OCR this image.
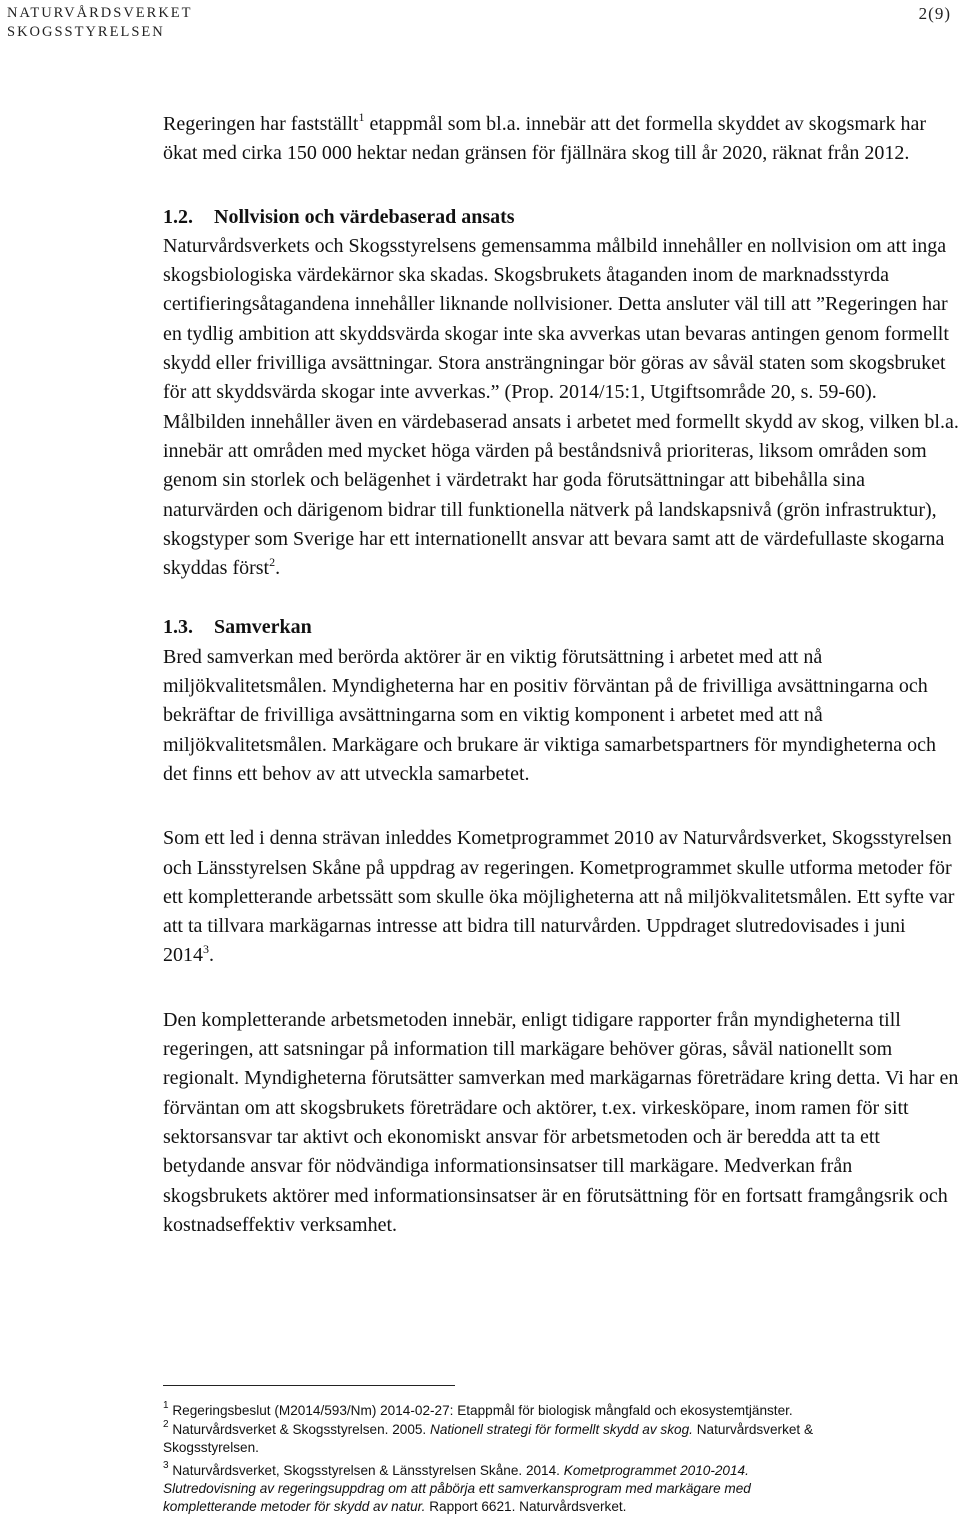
NATURVÅRDSVERKET
SKOGSSTYRELSEN
2(9)

Regeringen har fastställt$^1$ etappmål som bl.a. innebär att det formella skyddet av skogsmark har ökat med cirka 150 000 hektar nedan gränsen för fjällnära skog till år 2020, räknat från 2012.

1.2. Nollvision och värdebaserad ansats

Naturvårdsverkets och Skogsstyrelsens gemensamma målbild innehåller en nollvision om att inga skogsbiologiska värdekärnor ska skadas. Skogsbrukets åtaganden inom de marknadsstyrda certifieringsåtagandena innehåller liknande nollvisioner. Detta ansluter väl till att ”Regeringen har en tydlig ambition att skyddsvärda skogar inte ska avverkas utan bevaras antingen genom formellt skydd eller frivilliga avsättningar. Stora ansträngningar bör göras av såväl staten som skogsbruket för att skyddsvärda skogar inte avverkas.” (Prop. 2014/15:1, Utgiftsområde 20, s. 59-60). Målbilden innehåller även en värdebaserad ansats i arbetet med formellt skydd av skog, vilken bl.a. innebär att områden med mycket höga värden på beståndsnivå prioriteras, liksom områden som genom sin storlek och belägenhet i värdetrakt har goda förutsättningar att bibehålla sina naturvärden och därigenom bidrar till funktionella nätverk på landskapsnivå (grön infrastruktur), skogstyper som Sverige har ett internationellt ansvar att bevara samt att de värdefullaste skogarna skyddas först$^2$.

1.3. Samverkan

Bred samverkan med berörda aktörer är en viktig förutsättning i arbetet med att nå miljökvalitetsmålen. Myndigheterna har en positiv förväntan på de frivilliga avsättningarna och bekräftar de frivilliga avsättningarna som en viktig komponent i arbetet med att nå miljökvalitetsmålen. Markägare och brukare är viktiga samarbetspartners för myndigheterna och det finns ett behov av att utveckla samarbetet.

Som ett led i denna strävan inleddes Kometprogrammet 2010 av Naturvårdsverket, Skogsstyrelsen och Länsstyrelsen Skåne på uppdrag av regeringen. Kometprogrammet skulle utforma metoder för ett kompletterande arbetssätt som skulle öka möjligheterna att nå miljökvalitetsmålen. Ett syfte var att ta tillvara markägarnas intresse att bidra till naturvården. Uppdraget slutredovisades i juni 2014$^3$.

Den kompletterande arbetsmetoden innebär, enligt tidigare rapporter från myndigheterna till regeringen, att satsningar på information till markägare behöver göras, såväl nationellt som regionalt. Myndigheterna förutsätter samverkan med markägarnas företrädare kring detta. Vi har en förväntan om att skogsbrukets företrädare och aktörer, t.ex. virkesköpare, inom ramen för sitt sektorsansvar tar aktivt och ekonomiskt ansvar för arbetsmetoden och är beredda att ta ett betydande ansvar för nödvändiga informationsinsatser till markägare. Medverkan från skogsbrukets aktörer med informationsinsatser är en förutsättning för en fortsatt framgångsrik och kostnadseffektiv verksamhet.

$^1$ Regeringsbeslut (M2014/593/Nm) 2014-02-27: Etappmål för biologisk mångfald och ekosystemtjänster.
$^2$ Naturvårdsverket & Skogsstyrelsen. 2005. Nationell strategi för formellt skydd av skog. Naturvårdsverket &
Skogsstyrelsen.
$^3$ Naturvårdsverket, Skogsstyrelsen & Länsstyrelsen Skåne. 2014. Kometprogrammet 2010-2014.
Slutredovisning av regeringsuppdrag om att påbörja ett samverkansprogram med markägare med
kompletterande metoder för skydd av natur. Rapport 6621. Naturvårdsverket.
